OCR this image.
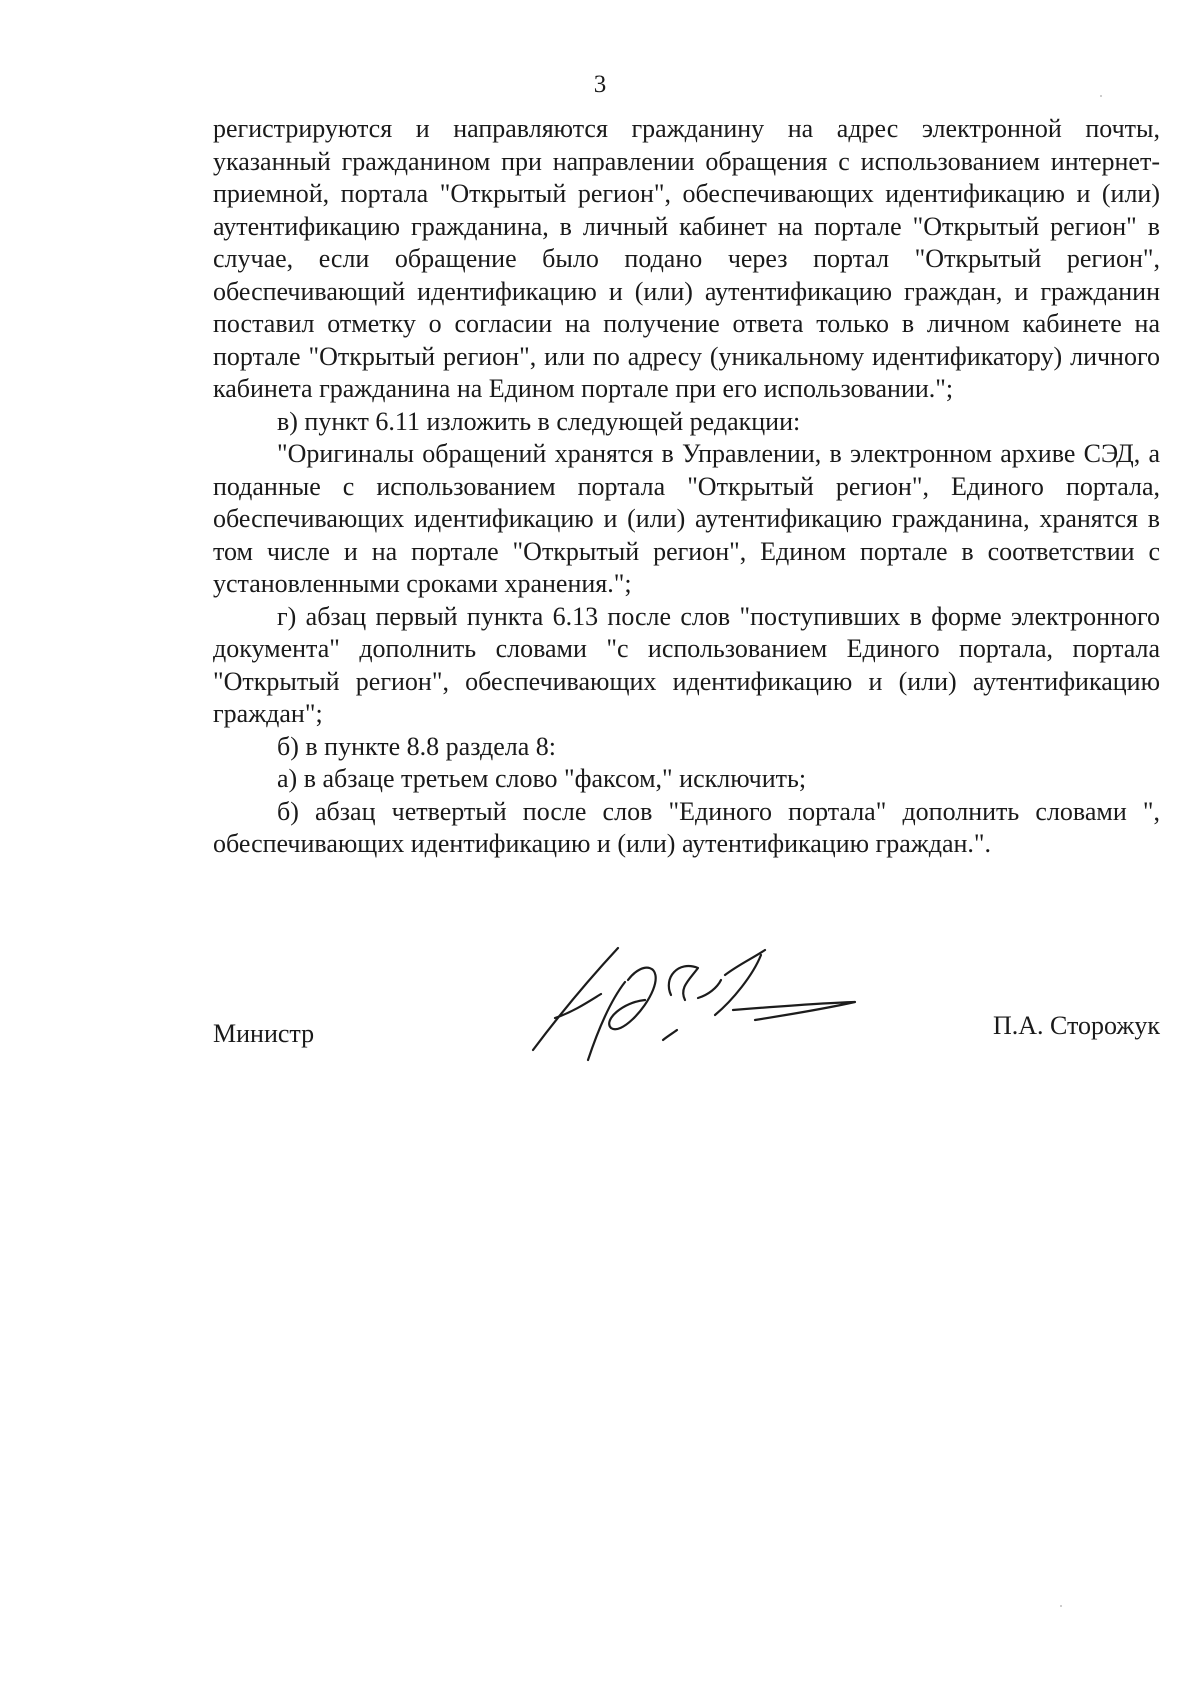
3

регистрируются и направляются гражданину на адрес электронной почты, указанный гражданином при направлении обращения с использованием интернет-приемной, портала "Открытый регион", обеспечивающих идентификацию и (или) аутентификацию гражданина, в личный кабинет на портале "Открытый регион" в случае, если обращение было подано через портал "Открытый регион", обеспечивающий идентификацию и (или) аутентификацию граждан, и гражданин поставил отметку о согласии на получение ответа только в личном кабинете на портале "Открытый регион", или по адресу (уникальному идентификатору) личного кабинета гражданина на Едином портале при его использовании.";

в) пункт 6.11 изложить в следующей редакции:

"Оригиналы обращений хранятся в Управлении, в электронном архиве СЭД, а поданные с использованием портала "Открытый регион", Единого портала, обеспечивающих идентификацию и (или) аутентификацию гражданина, хранятся в том числе и на портале "Открытый регион", Едином портале в соответствии с установленными сроками хранения.";

г) абзац первый пункта 6.13 после слов "поступивших в форме электронного документа" дополнить словами "с использованием Единого портала, портала "Открытый регион", обеспечивающих идентификацию и (или) аутентификацию граждан";

б) в пункте 8.8 раздела 8:

а) в абзаце третьем слово "факсом," исключить;

б) абзац четвертый после слов "Единого портала" дополнить словами ", обеспечивающих идентификацию и (или) аутентификацию граждан.".

Министр	П.А. Сторожук
